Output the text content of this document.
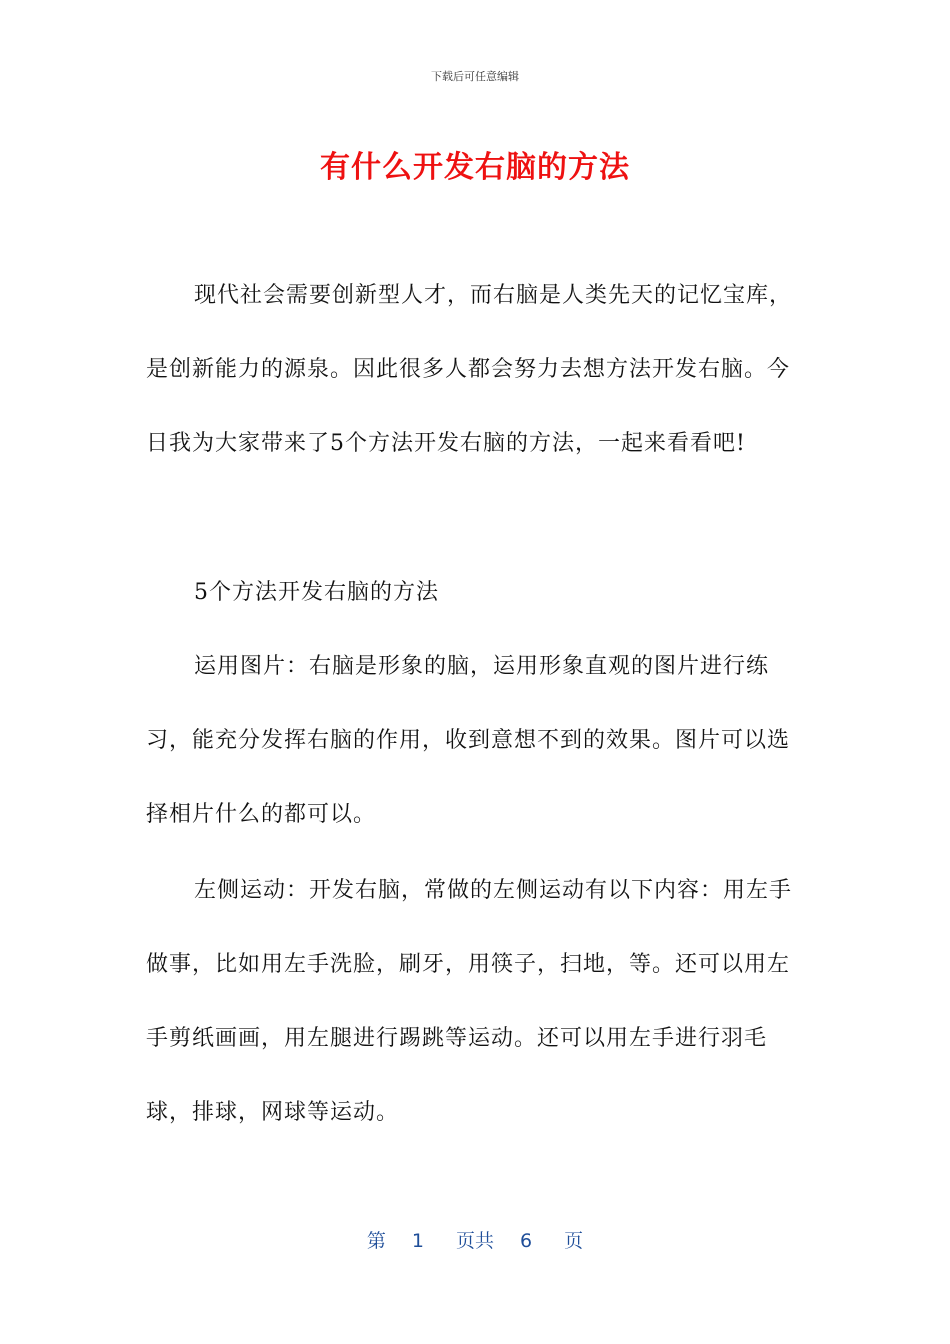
下载后可任意编辑
有什么开发右脑的方法

现代社会需要创新型人才，而右脑是人类先天的记忆宝库，是创新能力的源泉。因此很多人都会努力去想方法开发右脑。今日我为大家带来了5个方法开发右脑的方法，一起来看看吧!

5个方法开发右脑的方法

运用图片：右脑是形象的脑，运用形象直观的图片进行练习，能充分发挥右脑的作用，收到意想不到的效果。图片可以选择相片什么的都可以。

左侧运动：开发右脑，常做的左侧运动有以下内容：用左手做事，比如用左手洗脸，刷牙，用筷子，扫地，等。还可以用左手剪纸画画，用左腿进行踢跳等运动。还可以用左手进行羽毛球，排球，网球等运动。

第 1 页共 6 页
